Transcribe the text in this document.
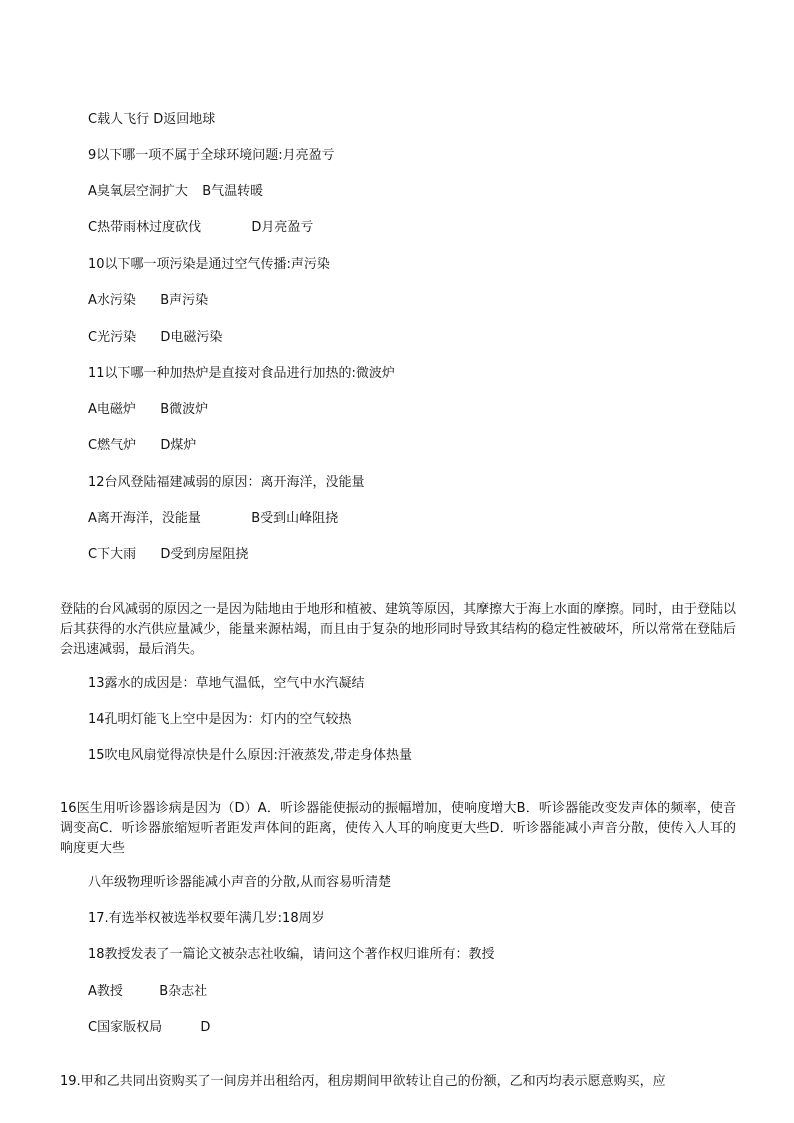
C载人飞行 D返回地球
9以下哪一项不属于全球环境问题:月亮盈亏
A臭氧层空洞扩大 B气温转暖
C热带雨林过度砍伐	D月亮盈亏
10以下哪一项污染是通过空气传播:声污染
A水污染 B声污染
C光污染 D电磁污染
11以下哪一种加热炉是直接对食品进行加热的:微波炉
A电磁炉 B微波炉
C燃气炉 D煤炉
12台风登陆福建减弱的原因：离开海洋，没能量
A离开海洋，没能量	B受到山峰阻挠
C下大雨 D受到房屋阻挠
登陆的台风减弱的原因之一是因为陆地由于地形和植被、建筑等原因，其摩擦大于海上水面的摩擦。同时，由于登陆以后其获得的水汽供应量减少，能量来源枯竭，而且由于复杂的地形同时导致其结构的稳定性被破坏，所以常常在登陆后会迅速减弱，最后消失。
13露水的成因是：草地气温低，空气中水汽凝结
14孔明灯能飞上空中是因为：灯内的空气较热
15吹电风扇觉得凉快是什么原因:汗液蒸发,带走身体热量
16医生用听诊器诊病是因为（D）A．听诊器能使振动的振幅增加，使响度增大B．听诊器能改变发声体的频率，使音调变高C．听诊器旅缩短听者距发声体间的距离，使传入人耳的响度更大些D．听诊器能减小声音分散，使传入人耳的响度更大些
八年级物理听诊器能减小声音的分散,从而容易听清楚
17.有选举权被选举权要年满几岁:18周岁
18教授发表了一篇论文被杂志社收编，请问这个著作权归谁所有：教授
A教授	B杂志社
C国家版权局	D
19.甲和乙共同出资购买了一间房并出租给丙，租房期间甲欲转让自己的份额，乙和丙均表示愿意购买，应
